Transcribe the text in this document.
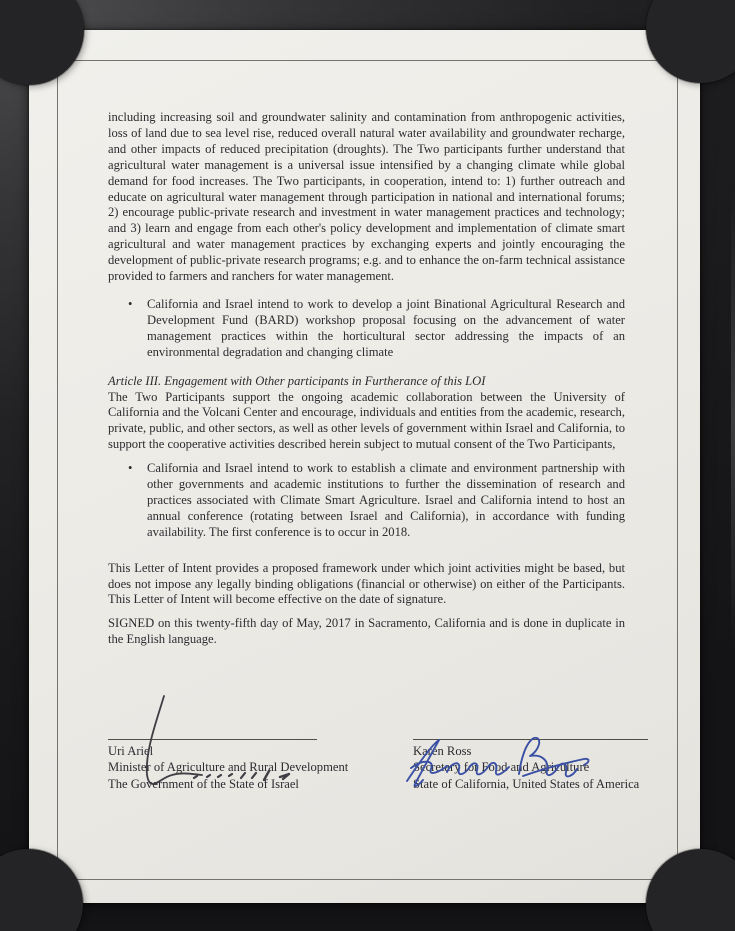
including increasing soil and groundwater salinity and contamination from anthropogenic activities, loss of land due to sea level rise, reduced overall natural water availability and groundwater recharge, and other impacts of reduced precipitation (droughts). The Two participants further understand that agricultural water management is a universal issue intensified by a changing climate while global demand for food increases. The Two participants, in cooperation, intend to: 1) further outreach and educate on agricultural water management through participation in national and international forums; 2) encourage public-private research and investment in water management practices and technology; and 3) learn and engage from each other's policy development and implementation of climate smart agricultural and water management practices by exchanging experts and jointly encouraging the development of public-private research programs; e.g. and to enhance the on-farm technical assistance provided to farmers and ranchers for water management.

• California and Israel intend to work to develop a joint Binational Agricultural Research and Development Fund (BARD) workshop proposal focusing on the advancement of water management practices within the horticultural sector addressing the impacts of an environmental degradation and changing climate

Article III. Engagement with Other participants in Furtherance of this LOI

The Two Participants support the ongoing academic collaboration between the University of California and the Volcani Center and encourage, individuals and entities from the academic, research, private, public, and other sectors, as well as other levels of government within Israel and California, to support the cooperative activities described herein subject to mutual consent of the Two Participants,

• California and Israel intend to work to establish a climate and environment partnership with other governments and academic institutions to further the dissemination of research and practices associated with Climate Smart Agriculture. Israel and California intend to host an annual conference (rotating between Israel and California), in accordance with funding availability. The first conference is to occur in 2018.

This Letter of Intent provides a proposed framework under which joint activities might be based, but does not impose any legally binding obligations (financial or otherwise) on either of the Participants. This Letter of Intent will become effective on the date of signature.

SIGNED on this twenty-fifth day of May, 2017 in Sacramento, California and is done in duplicate in the English language.

Uri Ariel
Minister of Agriculture and Rural Development
The Government of the State of Israel
Karen Ross
Secretary for Food and Agriculture
State of California, United States of America
